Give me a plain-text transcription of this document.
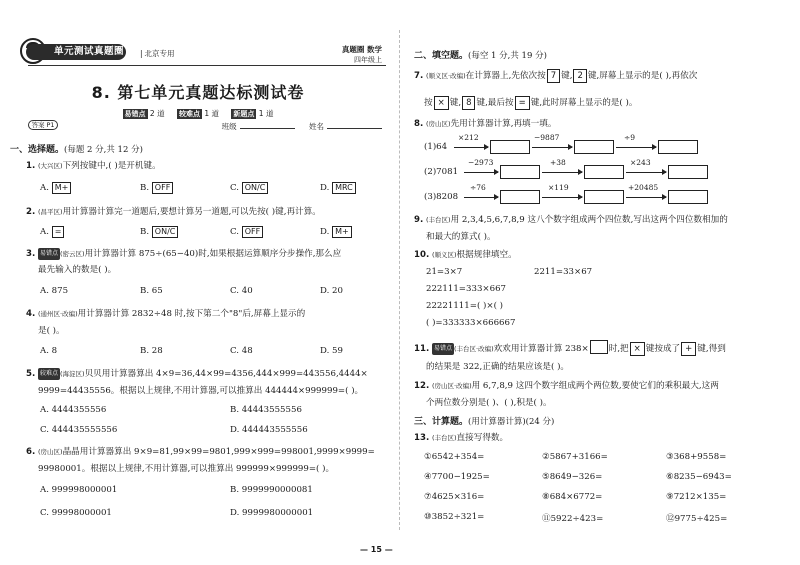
单元测试真题圈
|	北京专用	真题圈 数学
四年级上
8. 第七单元真题达标测试卷
易错点 2 道 较难点 1 道 新题点 1 道
答案 P1	班级	姓名
一、选择题。(每题 2 分,共 12 分)
1. (大兴区)下列按键中,( )是开机键。
A. M+	B. OFF	C. ON/C	D. MRC
2. (昌平区)用计算器计算完一道题后,要想计算另一道题,可以先按( )键,再计算。
A. =	B. ON/C	C. OFF	D. M+
3. 易错点 (密云区)用计算器计算 875÷(65−40)时,如果根据运算顺序分步操作,那么应
最先输入的数是( )。
A. 875	B. 65	C. 40	D. 20
4. (通州区·改编)用计算器计算 2832÷48 时,按下第二个"8"后,屏幕上显示的
是( )。
A. 8	B. 28	C. 48	D. 59
5. 较难点 (海淀区)贝贝用计算器算出 4×9=36,44×99=4356,444×999=443556,4444×
9999=44435556。根据以上规律,不用计算器,可以推算出 444444×999999=( )。
A. 4444355556	B. 44443555556
C. 444435555556	D. 444443555556
6. (房山区)晶晶用计算器算出 9×9=81,99×99=9801,999×999=998001,9999×9999=
99980001。根据以上规律,不用计算器,可以推算出 999999×999999=( )。
A. 999998000001	B. 9999990000081
C. 99998000001	D. 9999980000001
二、填空题。(每空 1 分,共 19 分)
7. (顺义区·改编)在计算器上,先依次按 7 键, 2 键,屏幕上显示的是( ),再依次
按 × 键, 8 键,最后按 = 键,此时屏幕上显示的是( )。
8. (房山区)先用计算器计算,再填一填。
(1)64
×212	−9887	÷9
(2)7081
−2973	+38	×243
(3)8208
÷76	×119	+20485
9. (丰台区)用 2,3,4,5,6,7,8,9 这八个数字组成两个四位数,写出这两个四位数相加的
和最大的算式( )。
10. (顺义区)根据规律填空。
21=3×7	2211=33×67
222111=333×667
22221111=( )×( )
( )=333333×666667
11. 易错点 (丰台区·改编)欢欢用计算器计算 238× 时,把 × 键按成了 + 键,得到
的结果是 322,正确的结果应该是( )。
12. (房山区·改编)用 6,7,8,9 这四个数字组成两个两位数,要使它们的乘积最大,这两
个两位数分别是( )、( ),积是( )。
三、计算题。(用计算器计算)(24 分)
13. (丰台区)直接写得数。
①6542+354=	②5867+3166=	③368+9558=
④7700−1925=	⑤8649−326=	⑥8235−6943=
⑦4625×316=	⑧684×6772=	⑨7212×135=
⑩3852÷321=	⑪5922÷423=	⑫9775÷425=
— 15 —
